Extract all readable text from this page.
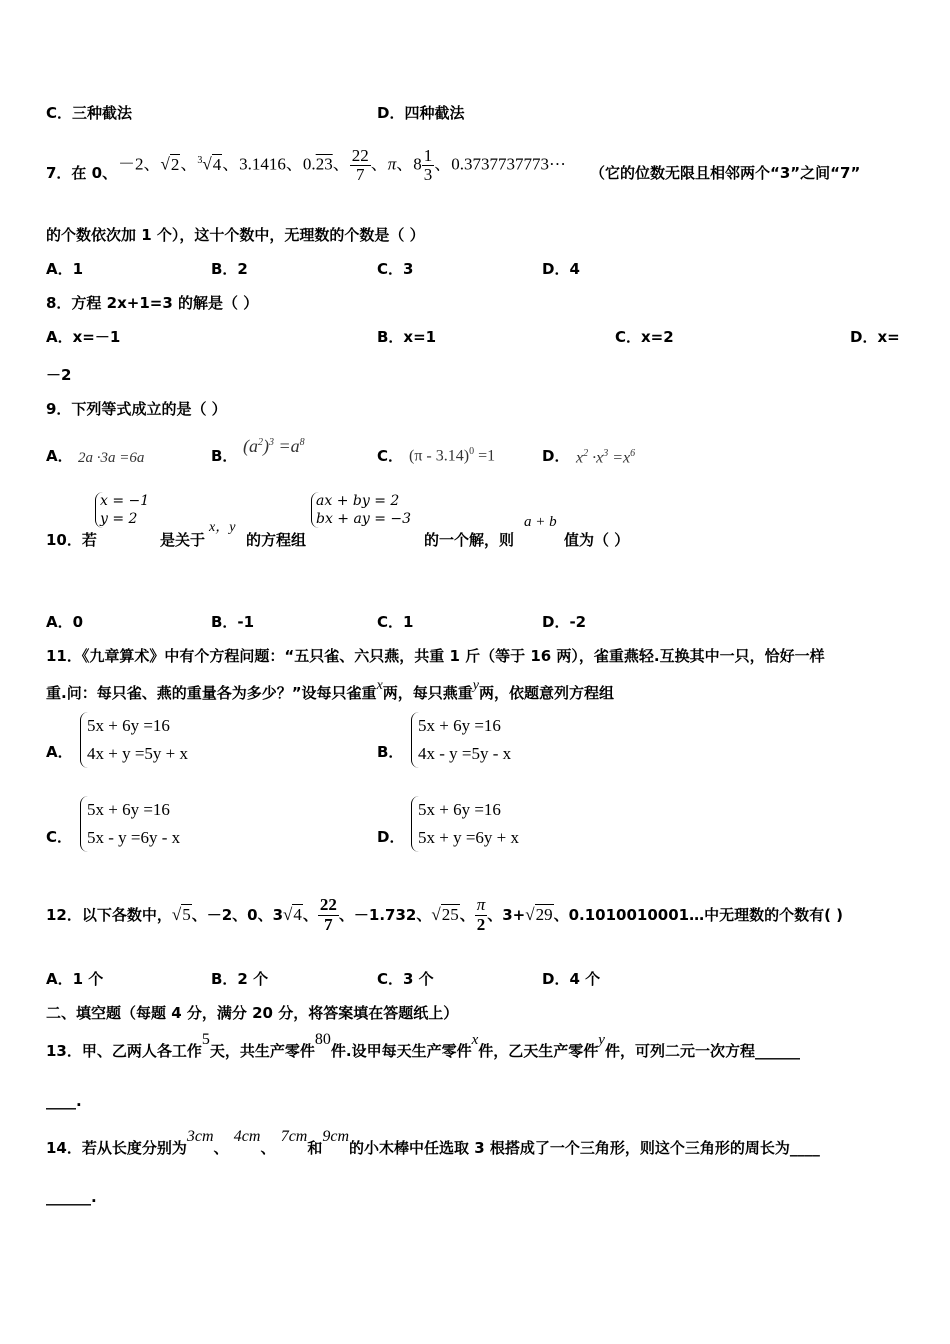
C．三种截法	D．四种截法
7．在 0、 －2、√2、$^3$√4、3.1416、0.23、 $\frac{22}{7}$ 、π、$8 \frac{1}{3}$ 、0.3737737773··· （它的位数无限且相邻两个“3”之间“7”
的个数依次加 1 个），这十个数中，无理数的个数是（ ）
A．1	B．2	C．3	D．4
8．方程 2x+1=3 的解是（ ）
A．x=－1	B．x=1	C．x=2	D．x=
－2
9．下列等式成立的是（ ）
A． 2a ·3a =6a	B． $(a^2)^3 =a^8$
C． (π - 3.14)$^0$ =1	D． $x^2 \cdot x^3 =x^6$
10．若
x = −1
y = 2
是关于
x，y
的方程组
ax + by = 2
bx + ay = −3
的一个解，则
a + b
值为（ ）
A．0	B．-1	C．1	D．-2
11．《九章算术》中有个方程问题：“五只雀、六只燕，共重 1 斤（等于 16 两），雀重燕轻.互换其中一只，恰好一样
重.问：每只雀、燕的重量各为多少？”设每只雀重x两，每只燕重y两，依题意列方程组
A．
5x + 6y =16
4x + y =5y + x	B．
5x + 6y =16
4x - y =5y - x
C．
5x + 6y =16
5x - y =6y - x	D．
5x + 6y =16
5x + y =6y + x
12．以下各数中，√5、－2、0、3√4、 $\frac{22}{7}$ 、－1.732、√25、 $\frac{\pi}{2}$ 、3+√29、0.1010010001…中无理数的个数有( )
A．1 个	B．2 个	C．3 个	D．4 个
二、填空题（每题 4 分，满分 20 分，将答案填在答题纸上）
13．甲、乙两人各工作5天，共生产零件80件.设甲每天生产零件x件，乙天生产零件y件，可列二元一次方程______
____.
14．若从长度分别为3cm、 4cm、 7cm和9cm的小木棒中任选取 3 根搭成了一个三角形，则这个三角形的周长为____
______.
